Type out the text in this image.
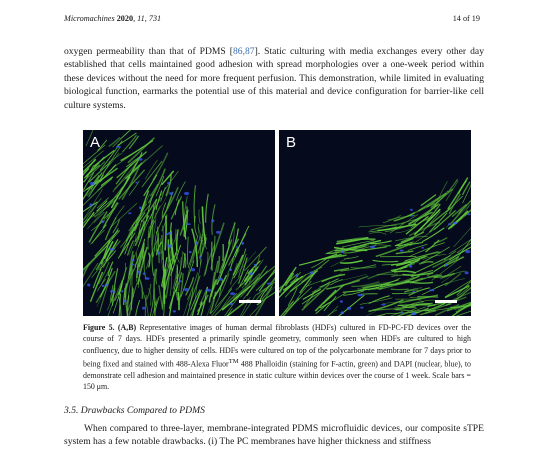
Micromachines 2020, 11, 731	14 of 19

oxygen permeability than that of PDMS [86,87]. Static culturing with media exchanges every other day established that cells maintained good adhesion with spread morphologies over a one-week period within these devices without the need for more frequent perfusion. This demonstration, while limited in evaluating biological function, earmarks the potential use of this material and device configuration for barrier-like cell culture systems.

A	B

Figure 5. (A,B) Representative images of human dermal fibroblasts (HDFs) cultured in FD-PC-FD devices over the course of 7 days. HDFs presented a primarily spindle geometry, commonly seen when HDFs are cultured to high confluency, due to higher density of cells. HDFs were cultured on top of the polycarbonate membrane for 7 days prior to being fixed and stained with 488-Alexa Fluor™ 488 Phalloidin (staining for F-actin, green) and DAPI (nuclear, blue), to demonstrate cell adhesion and maintained presence in static culture within devices over the course of 1 week. Scale bars = 150 μm.

3.5. Drawbacks Compared to PDMS

When compared to three-layer, membrane-integrated PDMS microfluidic devices, our composite sTPE system has a few notable drawbacks. (i) The PC membranes have higher thickness and stiffness
